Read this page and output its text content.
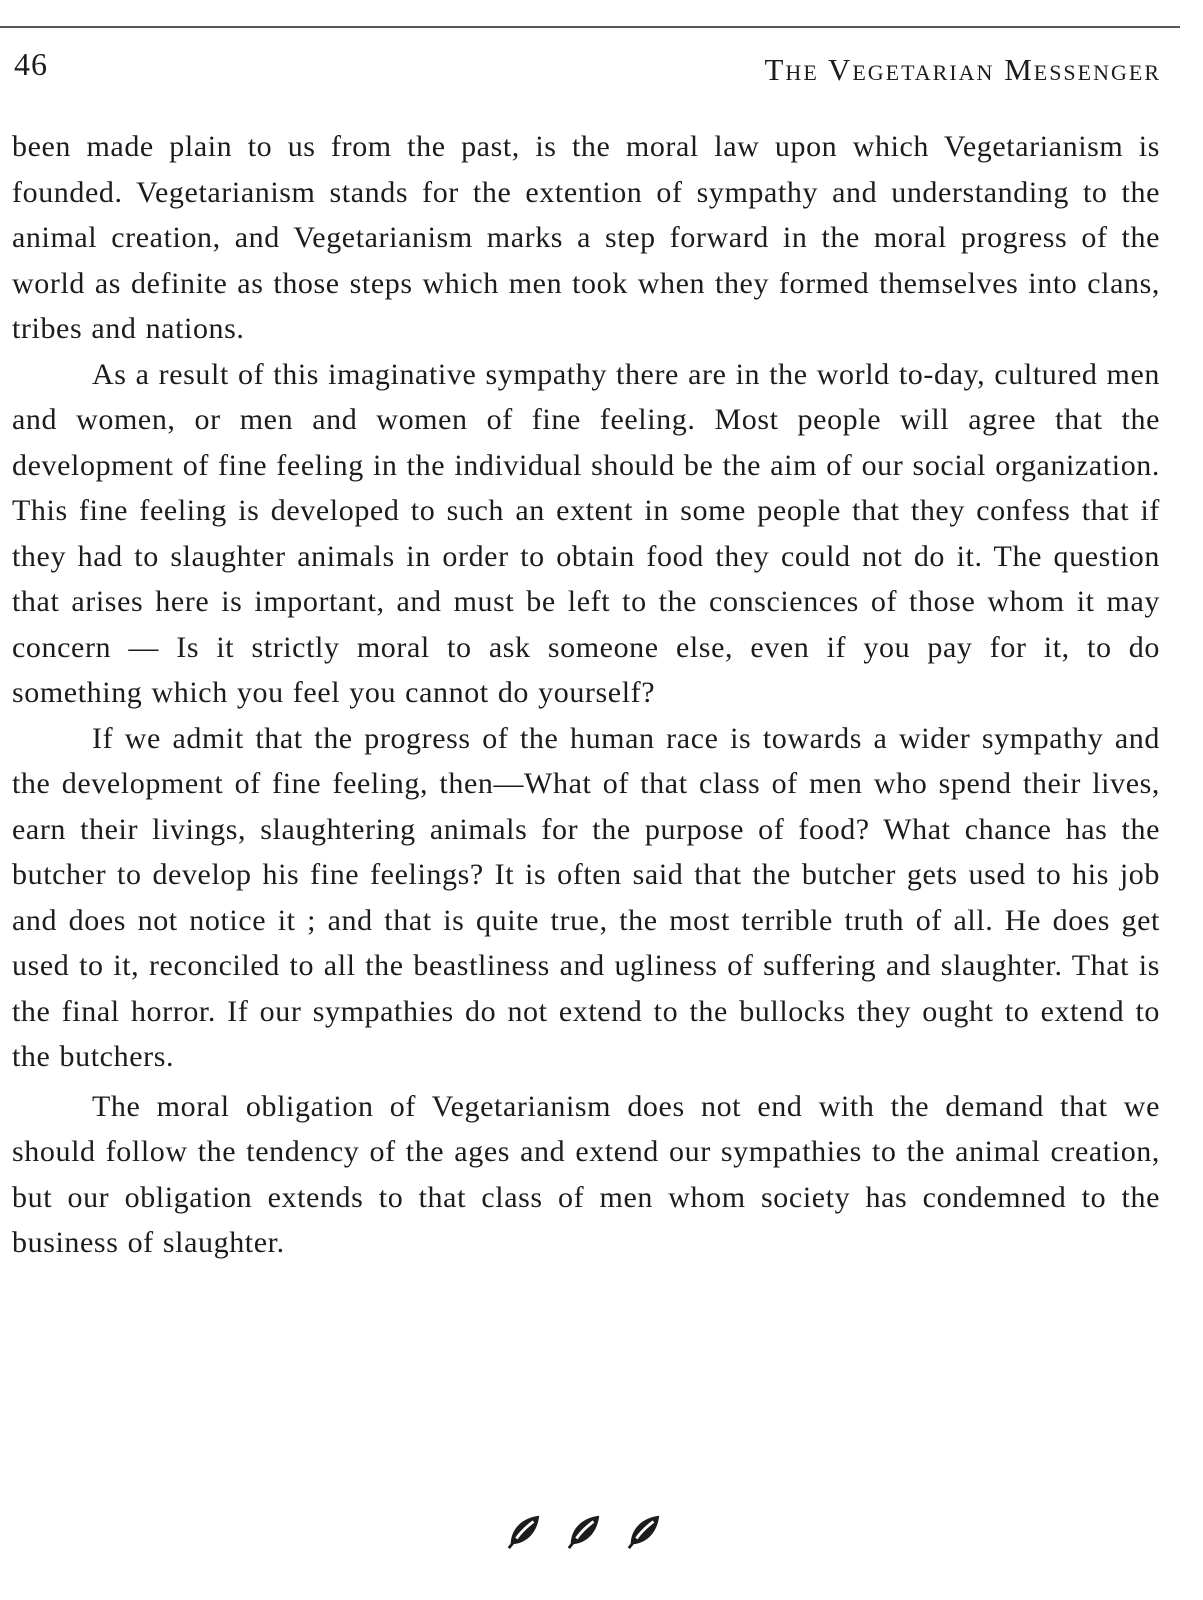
46	The Vegetarian Messenger

been made plain to us from the past, is the moral law upon which Vegetarianism is founded. Vegetarianism stands for the extention of sympathy and understanding to the animal creation, and Vegetarianism marks a step forward in the moral progress of the world as definite as those steps which men took when they formed themselves into clans, tribes and nations.

As a result of this imaginative sympathy there are in the world to-day, cultured men and women, or men and women of fine feeling. Most people will agree that the development of fine feeling in the individual should be the aim of our social organization. This fine feeling is developed to such an extent in some people that they confess that if they had to slaughter animals in order to obtain food they could not do it. The question that arises here is important, and must be left to the consciences of those whom it may concern — Is it strictly moral to ask someone else, even if you pay for it, to do something which you feel you cannot do yourself?

If we admit that the progress of the human race is towards a wider sympathy and the development of fine feeling, then—What of that class of men who spend their lives, earn their livings, slaughtering animals for the purpose of food? What chance has the butcher to develop his fine feelings? It is often said that the butcher gets used to his job and does not notice it ; and that is quite true, the most terrible truth of all. He does get used to it, reconciled to all the beastliness and ugliness of suffering and slaughter. That is the final horror. If our sympathies do not extend to the bullocks they ought to extend to the butchers.

The moral obligation of Vegetarianism does not end with the demand that we should follow the tendency of the ages and extend our sympathies to the animal creation, but our obligation extends to that class of men whom society has condemned to the business of slaughter.
